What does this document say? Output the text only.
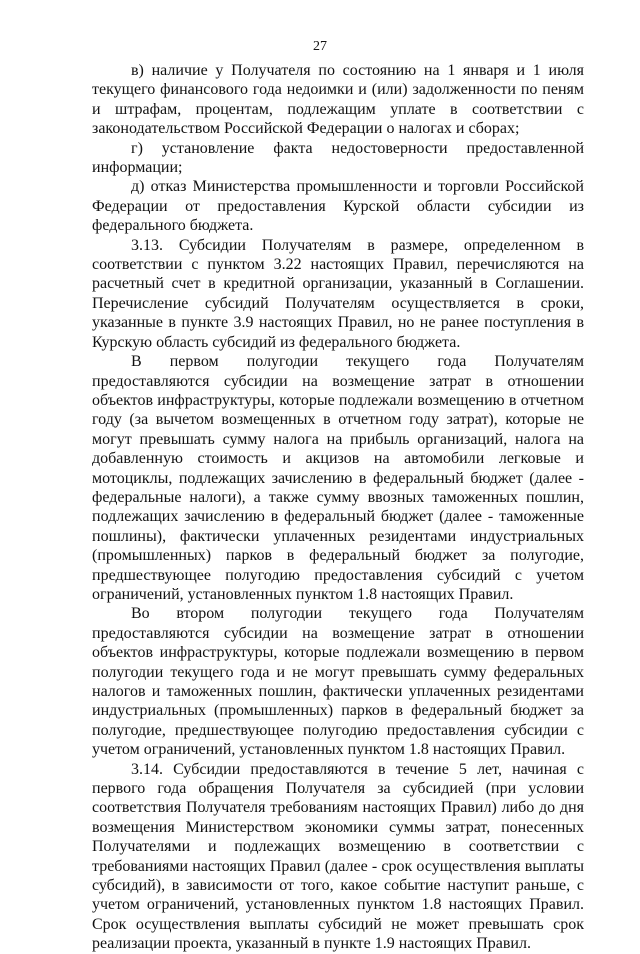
27

в) наличие у Получателя по состоянию на 1 января и 1 июля текущего финансового года недоимки и (или) задолженности по пеням и штрафам, процентам, подлежащим уплате в соответствии с законодательством Российской Федерации о налогах и сборах;

г) установление факта недостоверности предоставленной информации;

д) отказ Министерства промышленности и торговли Российской Федерации от предоставления Курской области субсидии из федерального бюджета.

3.13. Субсидии Получателям в размере, определенном в соответствии с пунктом 3.22 настоящих Правил, перечисляются на расчетный счет в кредитной организации, указанный в Соглашении. Перечисление субсидий Получателям осуществляется в сроки, указанные в пункте 3.9 настоящих Правил, но не ранее поступления в Курскую область субсидий из федерального бюджета.

В первом полугодии текущего года Получателям предоставляются субсидии на возмещение затрат в отношении объектов инфраструктуры, которые подлежали возмещению в отчетном году (за вычетом возмещенных в отчетном году затрат), которые не могут превышать сумму налога на прибыль организаций, налога на добавленную стоимость и акцизов на автомобили легковые и мотоциклы, подлежащих зачислению в федеральный бюджет (далее - федеральные налоги), а также сумму ввозных таможенных пошлин, подлежащих зачислению в федеральный бюджет (далее - таможенные пошлины), фактически уплаченных резидентами индустриальных (промышленных) парков в федеральный бюджет за полугодие, предшествующее полугодию предоставления субсидий с учетом ограничений, установленных пунктом 1.8 настоящих Правил.

Во втором полугодии текущего года Получателям предоставляются субсидии на возмещение затрат в отношении объектов инфраструктуры, которые подлежали возмещению в первом полугодии текущего года и не могут превышать сумму федеральных налогов и таможенных пошлин, фактически уплаченных резидентами индустриальных (промышленных) парков в федеральный бюджет за полугодие, предшествующее полугодию предоставления субсидии с учетом ограничений, установленных пунктом 1.8 настоящих Правил.

3.14. Субсидии предоставляются в течение 5 лет, начиная с первого года обращения Получателя за субсидией (при условии соответствия Получателя требованиям настоящих Правил) либо до дня возмещения Министерством экономики суммы затрат, понесенных Получателями и подлежащих возмещению в соответствии с требованиями настоящих Правил (далее - срок осуществления выплаты субсидий), в зависимости от того, какое событие наступит раньше, с учетом ограничений, установленных пунктом 1.8 настоящих Правил. Срок осуществления выплаты субсидий не может превышать срок реализации проекта, указанный в пункте 1.9 настоящих Правил.
